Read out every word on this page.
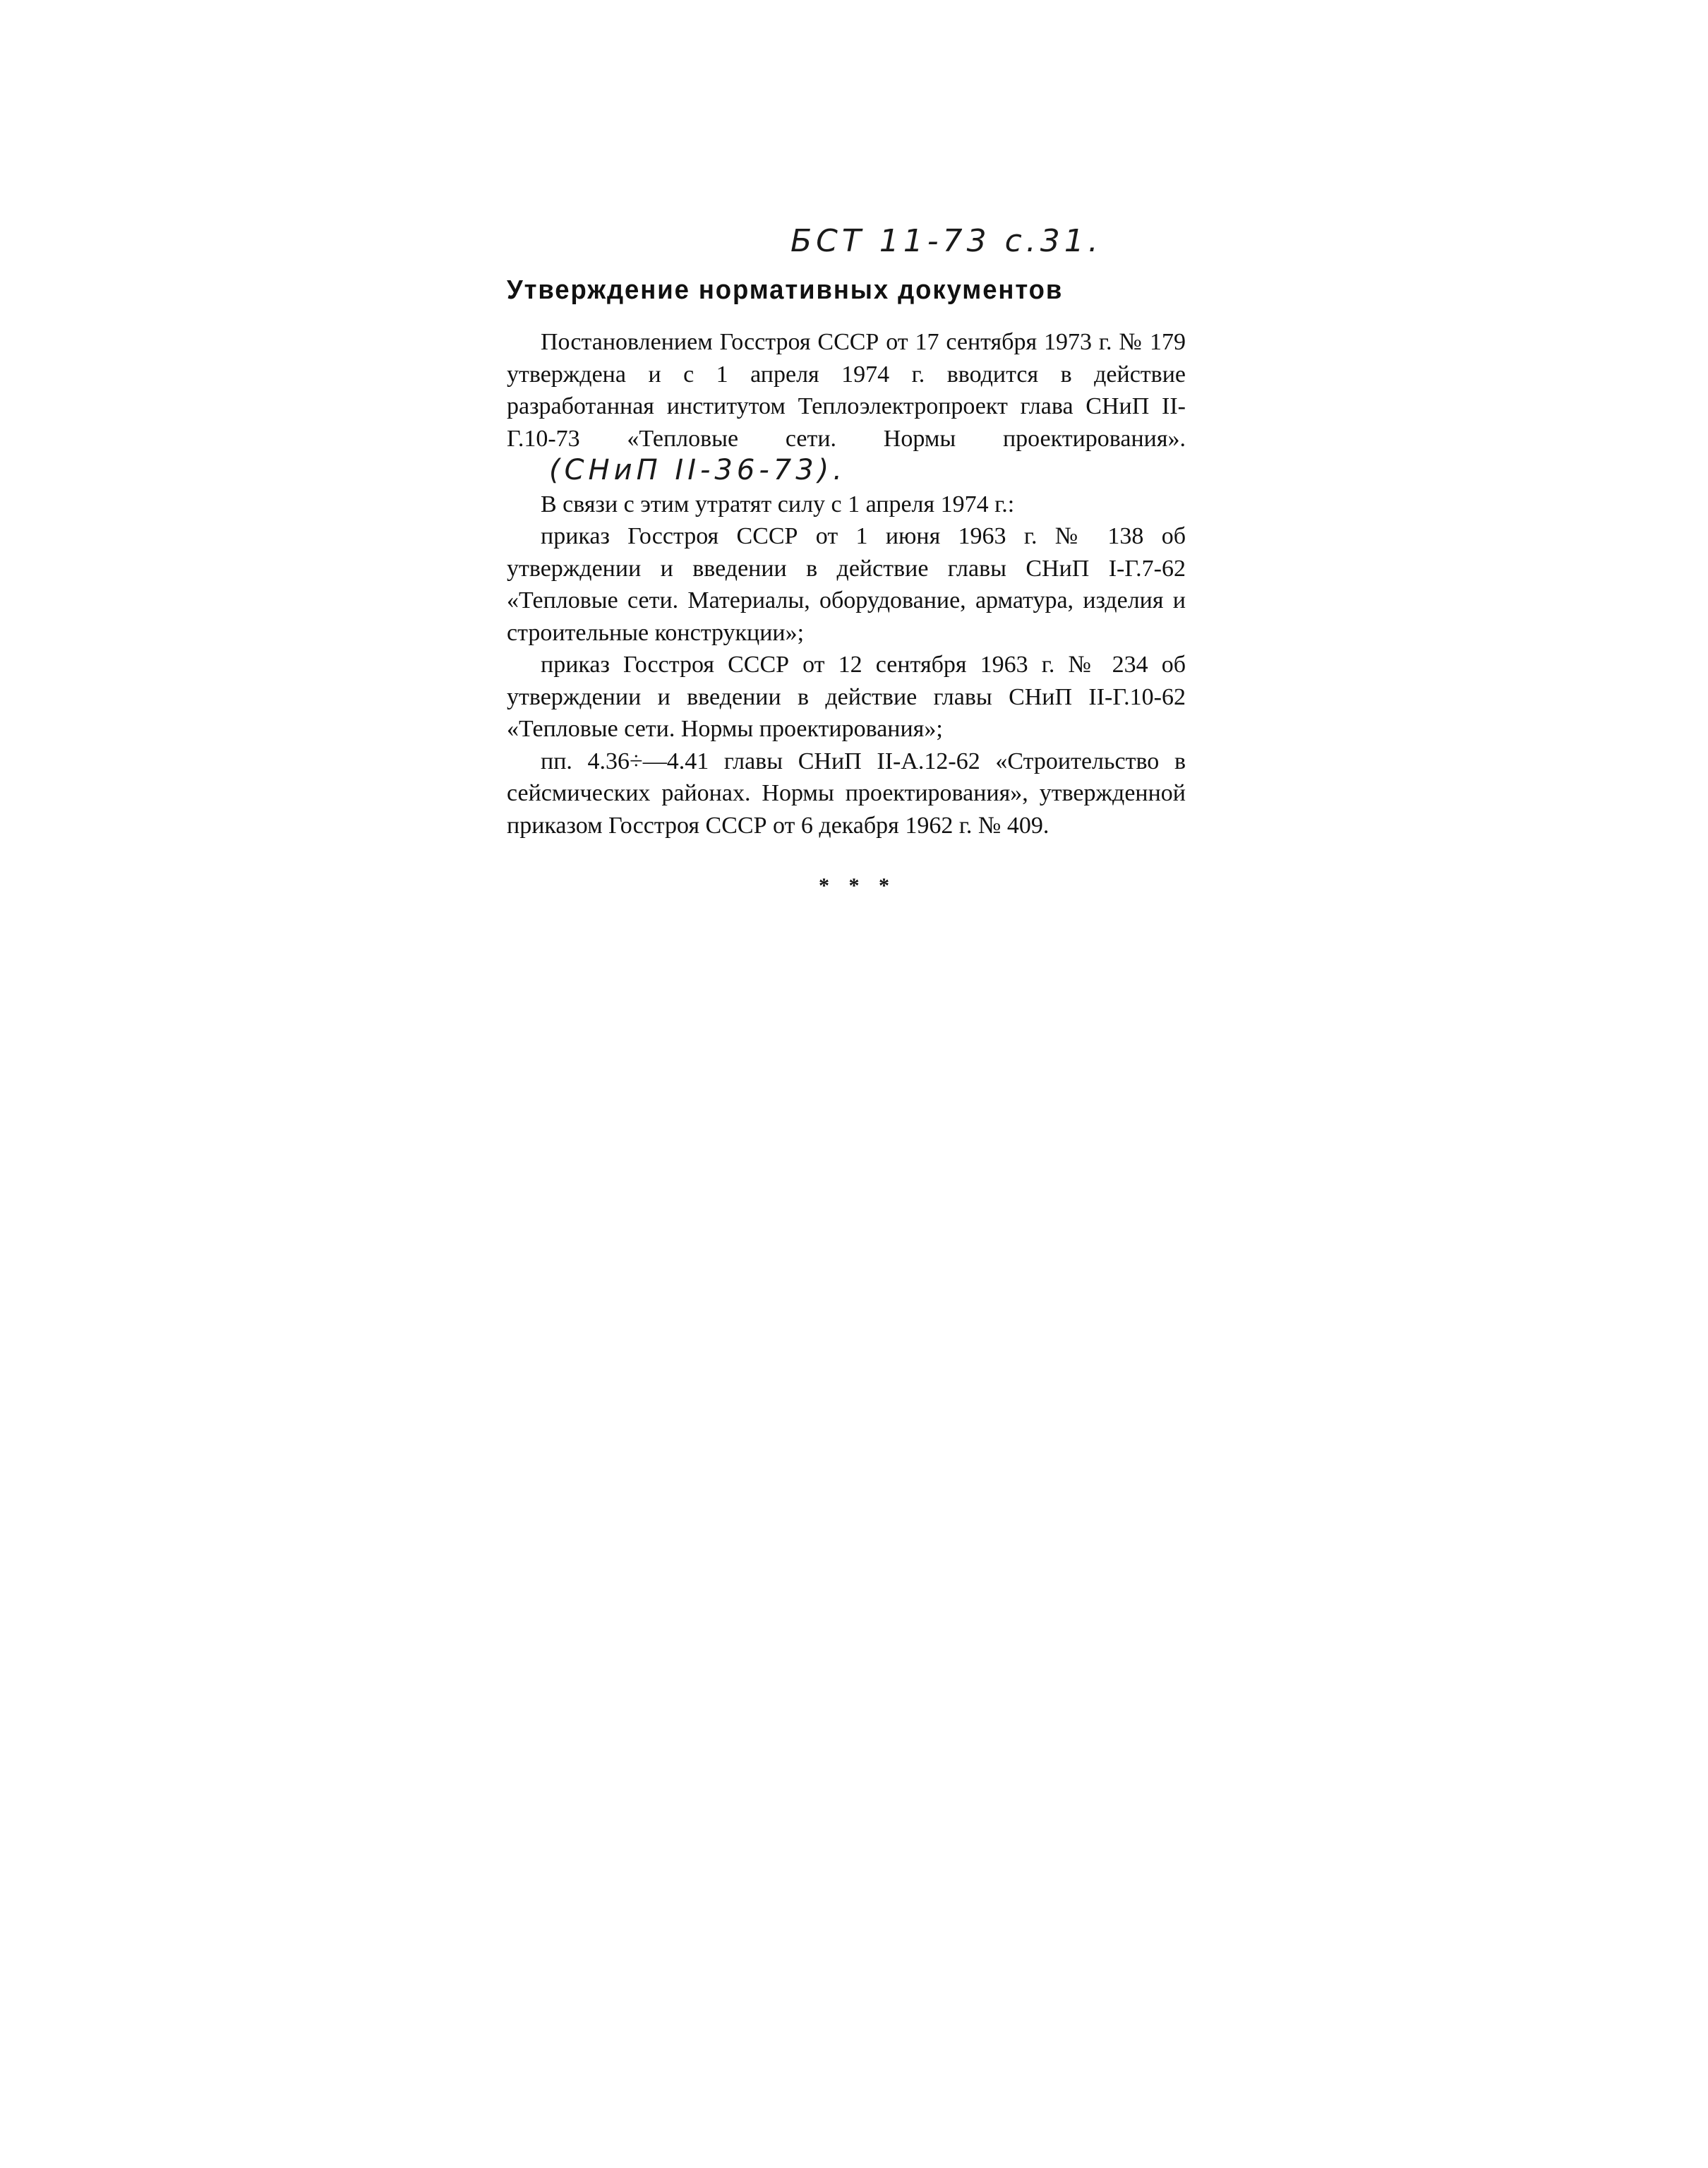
БСТ 11-73 с.31.
Утверждение нормативных документов

Постановлением Госстроя СССР от 17 сентября 1973 г. № 179 утверждена и с 1 апреля 1974 г. вводится в действие разработанная институтом Теплоэлектропроект глава СНиП II-Г.10-73 «Тепловые сети. Нормы проектирования».(СНиП II-36-73).

В связи с этим утратят силу с 1 апреля 1974 г.:

приказ Госстроя СССР от 1 июня 1963 г. № 138 об утверждении и введении в действие главы СНиП I-Г.7-62 «Тепловые сети. Материалы, оборудование, арматура, изделия и строительные конструкции»;

приказ Госстроя СССР от 12 сентября 1963 г. № 234 об утверждении и введении в действие главы СНиП II-Г.10-62 «Тепловые сети. Нормы проектирования»;

пп. 4.36÷—4.41 главы СНиП II-А.12-62 «Строительство в сейсмических районах. Нормы проектирования», утвержденной приказом Госстроя СССР от 6 декабря 1962 г. № 409.

* * *
